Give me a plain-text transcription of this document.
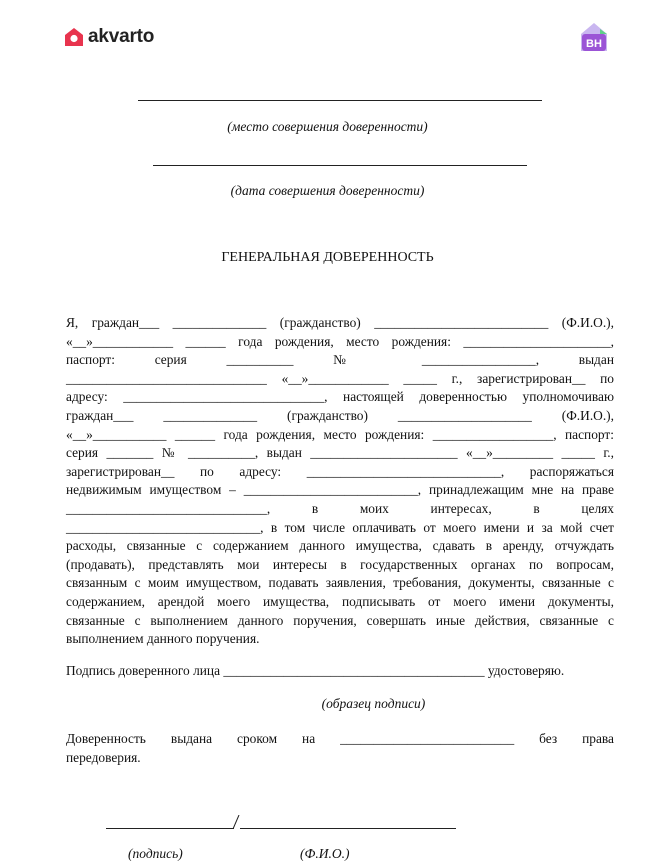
akvarto	ВН
(место совершения доверенности)
(дата совершения доверенности)
ГЕНЕРАЛЬНАЯ ДОВЕРЕННОСТЬ

Я, граждан___ ______________ (гражданство) __________________________ (Ф.И.О.),

«__»____________ ______ года рождения, место рождения: ______________________,

паспорт: серия __________ № _________________, выдан

______________________________ «__»____________ _____ г., зарегистрирован__ по

адресу: ______________________________, настоящей доверенностью уполномочиваю

граждан___ ______________ (гражданство) ____________________ (Ф.И.О.),

«__»___________ ______ года рождения, место рождения: __________________, паспорт:

серия _______ № __________, выдан ______________________ «__»_________ _____ г.,

зарегистрирован__ по адресу: _____________________________, распоряжаться

недвижимым имуществом – __________________________, принадлежащим мне на праве

______________________________, в моих интересах, в целях

_____________________________, в том числе оплачивать от моего имени и за мой счет

расходы, связанные с содержанием данного имущества, сдавать в аренду, отчуждать

(продавать), представлять мои интересы в государственных органах по вопросам,

связанным с моим имуществом, подавать заявления, требования, документы, связанные с

содержанием, арендой моего имущества, подписывать от моего имени документы,

связанные с выполнением данного поручения, совершать иные действия, связанные с

выполнением данного поручения.

Подпись доверенного лица _______________________________________ удостоверяю.
(образец подписи)

Доверенность выдана сроком на __________________________ без права

передоверия.

(подпись)	(Ф.И.О.)
